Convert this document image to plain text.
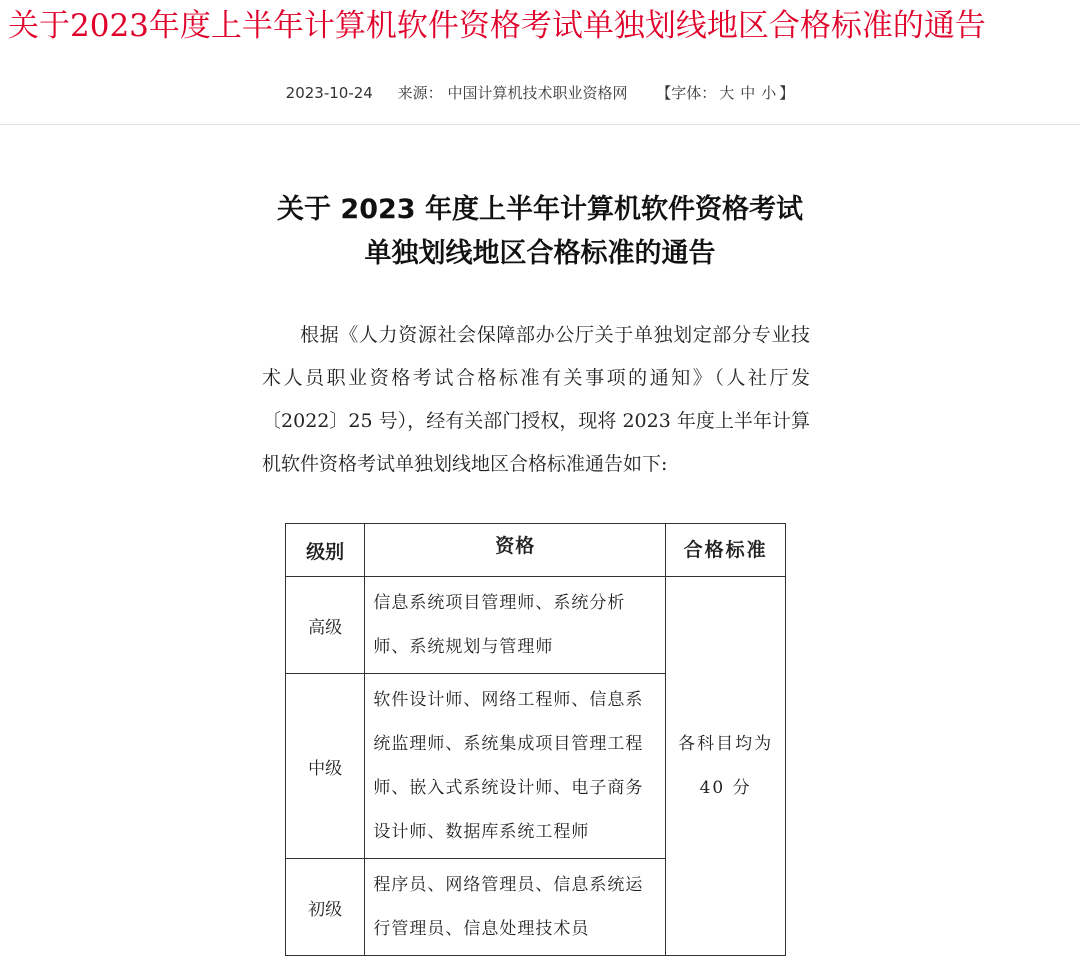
关于2023年度上半年计算机软件资格考试单独划线地区合格标准的通告
2023-10-24 来源： 中国计算机技术职业资格网 【字体： 大 中 小 】
关于 2023 年度上半年计算机软件资格考试
单独划线地区合格标准的通告

根据《人力资源社会保障部办公厅关于单独划定部分专业技术人员职业资格考试合格标准有关事项的通知》（人社厅发〔2022〕25 号），经有关部门授权，现将 2023 年度上半年计算机软件资格考试单独划线地区合格标准通告如下:

级别	资格	合格标准
高级	信息系统项目管理师、系统分析师、系统规划与管理师	各科目均为
40 分

中级	软件设计师、网络工程师、信息系统监理师、系统集成项目管理工程师、嵌入式系统设计师、电子商务设计师、数据库系统工程师	
初级	程序员、网络管理员、信息系统运行管理员、信息处理技术员	
